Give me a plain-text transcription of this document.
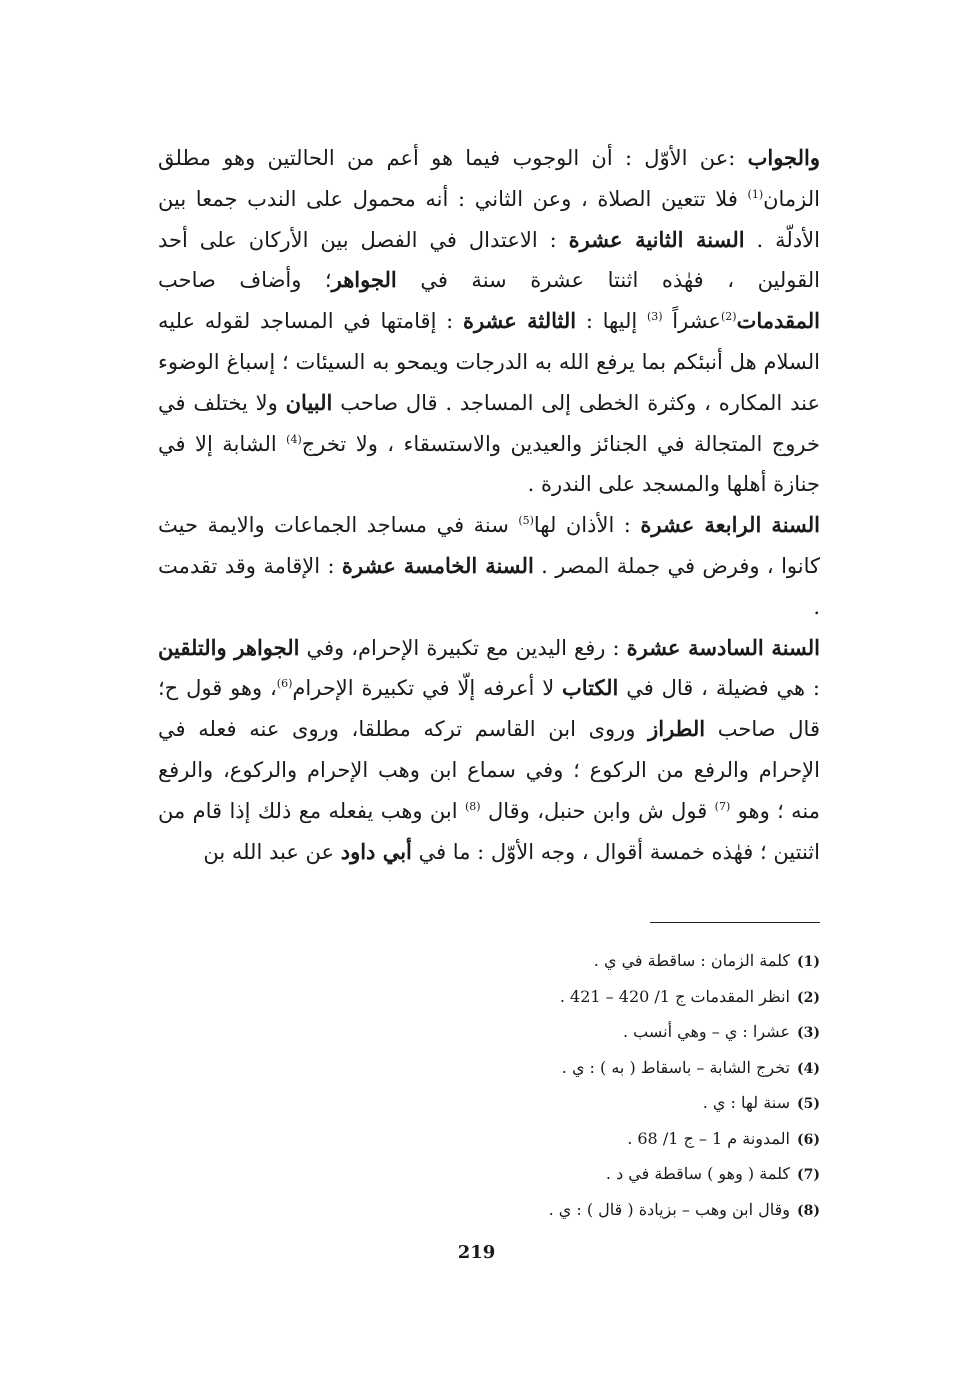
والجواب :عن الأوّل : أن الوجوب فيما هو أعم من الحالتين وهو مطلق الزمان$^{(1)}$ فلا تتعين الصلاة ، وعن الثاني : أنه محمول على الندب جمعا بين الأدلّة . السنة الثانية عشرة : الاعتدال في الفصل بين الأركان على أحد القولين ، فهٰذه اثنتا عشرة سنة في الجواهر؛ وأضاف صاحب المقدمات$^{(2)}$عشراً $^{(3)}$ إليها : الثالثة عشرة : إقامتها في المساجد لقوله عليه السلام هل أنبئكم بما يرفع الله به الدرجات ويمحو به السيئات ؛ إسباغ الوضوء عند المكاره ، وكثرة الخطى إلى المساجد . قال صاحب البيان ولا يختلف في خروج المتجالة في الجنائز والعيدين والاستسقاء ، ولا تخرج$^{(4)}$ الشابة إلا في جنازة أهلها والمسجد على الندرة .

السنة الرابعة عشرة : الأذان لها$^{(5)}$ سنة في مساجد الجماعات والايمة حيث كانوا ، وفرض في جملة المصر . السنة الخامسة عشرة : الإقامة وقد تقدمت .

السنة السادسة عشرة : رفع اليدين مع تكبيرة الإحرام، وفي الجواهر والتلقين : هي فضيلة ، قال في الكتاب لا أعرفه إلّا في تكبيرة الإحرام$^{(6)}$، وهو قول ح؛ قال صاحب الطراز وروى ابن القاسم تركه مطلقا، وروى عنه فعله في الإحرام والرفع من الركوع ؛ وفي سماع ابن وهب الإحرام والركوع، والرفع منه ؛ وهو $^{(7)}$ قول ش وابن حنبل، وقال $^{(8)}$ ابن وهب يفعله مع ذلك إذا قام من اثنتين ؛ فهٰذه خمسة أقوال ، وجه الأوّل : ما في أبي داود عن عبد الله بن

(1)كلمة الزمان : ساقطة في ي .
(2)انظر المقدمات ج 1/ 420 – 421 .
(3)عشرا : ي – وهي أنسب .
(4)تخرج الشابة – باسقاط ( به ) : ي .
(5)سنة لها : ي .
(6)المدونة م 1 – ج 1/ 68 .
(7)كلمة ( وهو ) ساقطة في د .
(8)وقال ابن وهب – بزيادة ( قال ) : ي .
219
